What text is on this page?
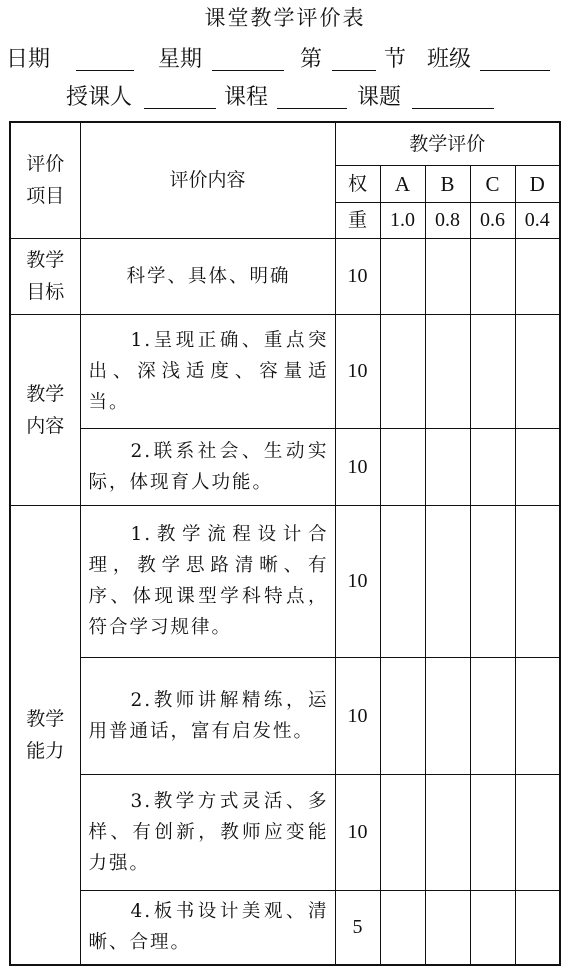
课堂教学评价表
日期	星期	第	节 班级
授课人	课程	课题
评价
项目	评价内容	教学评价				
		权	A	B	C	D
		重	1.0	0.8	0.6	0.4

教学
目标	科学、具体、明确	10				

教学
内容	1.呈现正确、重点突出、深浅适度、容量适当。	10				
	2.联系社会、生动实际，体现育人功能。	10				

教学
能力	1.教学流程设计合理，教学思路清晰、有序、体现课型学科特点，符合学习规律。	10				
	2.教师讲解精练，运用普通话，富有启发性。	10				
	3.教学方式灵活、多样、有创新，教师应变能力强。	10				
	4.板书设计美观、清晰、合理。	5				
